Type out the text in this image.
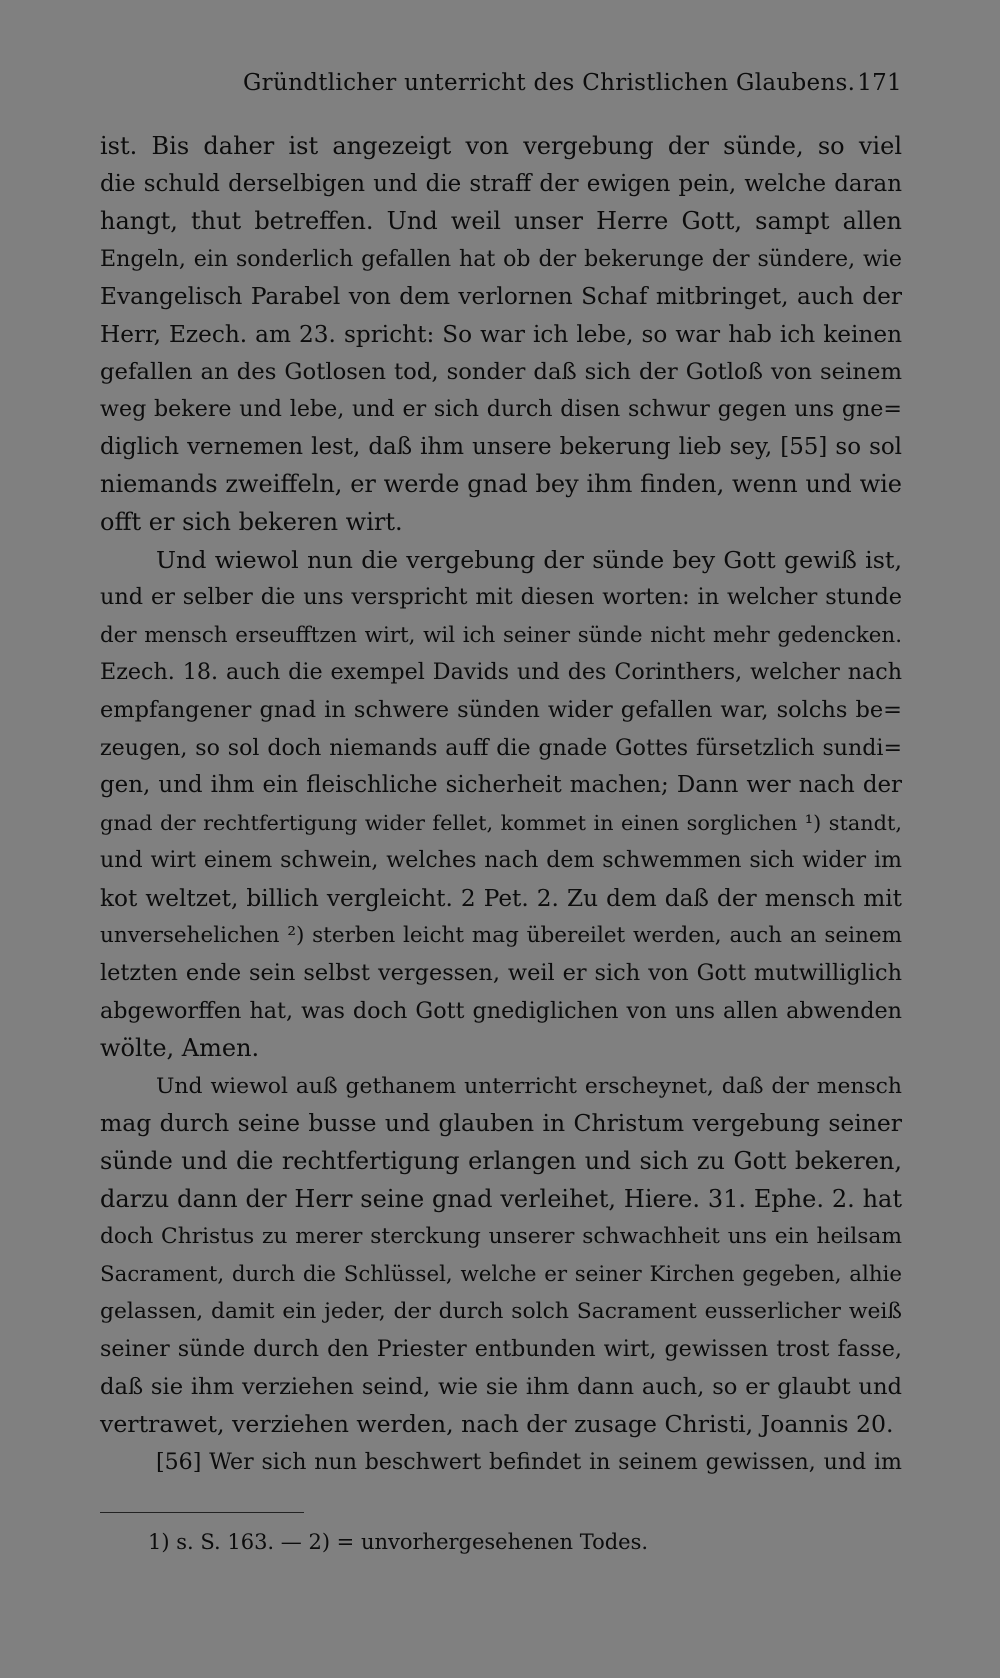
Gründtlicher unterricht des Christlichen Glaubens. 171
ist. Bis daher ist angezeigt von vergebung der sünde, so viel
die schuld derselbigen und die straff der ewigen pein, welche daran
hangt, thut betreffen. Und weil unser Herre Gott, sampt allen
Engeln, ein sonderlich gefallen hat ob der bekerunge der sündere, wie
Evangelisch Parabel von dem verlornen Schaf mitbringet, auch der
Herr, Ezech. am 23. spricht: So war ich lebe, so war hab ich keinen
gefallen an des Gotlosen tod, sonder daß sich der Gotloß von seinem
weg bekere und lebe, und er sich durch disen schwur gegen uns gne=
diglich vernemen lest, daß ihm unsere bekerung lieb sey, [55] so sol
niemands zweiffeln, er werde gnad bey ihm finden, wenn und wie
offt er sich bekeren wirt.
Und wiewol nun die vergebung der sünde bey Gott gewiß ist,
und er selber die uns verspricht mit diesen worten: in welcher stunde
der mensch erseufftzen wirt, wil ich seiner sünde nicht mehr gedencken.
Ezech. 18. auch die exempel Davids und des Corinthers, welcher nach
empfangener gnad in schwere sünden wider gefallen war, solchs be=
zeugen, so sol doch niemands auff die gnade Gottes fürsetzlich sundi=
gen, und ihm ein fleischliche sicherheit machen; Dann wer nach der
gnad der rechtfertigung wider fellet, kommet in einen sorglichen ¹) standt,
und wirt einem schwein, welches nach dem schwemmen sich wider im
kot weltzet, billich vergleicht. 2 Pet. 2. Zu dem daß der mensch mit
unversehelichen ²) sterben leicht mag übereilet werden, auch an seinem
letzten ende sein selbst vergessen, weil er sich von Gott mutwilliglich
abgeworffen hat, was doch Gott gnediglichen von uns allen abwenden
wölte, Amen.
Und wiewol auß gethanem unterricht erscheynet, daß der mensch
mag durch seine busse und glauben in Christum vergebung seiner
sünde und die rechtfertigung erlangen und sich zu Gott bekeren,
darzu dann der Herr seine gnad verleihet, Hiere. 31. Ephe. 2. hat
doch Christus zu merer sterckung unserer schwachheit uns ein heilsam
Sacrament, durch die Schlüssel, welche er seiner Kirchen gegeben, alhie
gelassen, damit ein jeder, der durch solch Sacrament eusserlicher weiß
seiner sünde durch den Priester entbunden wirt, gewissen trost fasse,
daß sie ihm verziehen seind, wie sie ihm dann auch, so er glaubt und
vertrawet, verziehen werden, nach der zusage Christi, Joannis 20.
[56] Wer sich nun beschwert befindet in seinem gewissen, und im
1) s. S. 163. — 2) = unvorhergesehenen Todes.
